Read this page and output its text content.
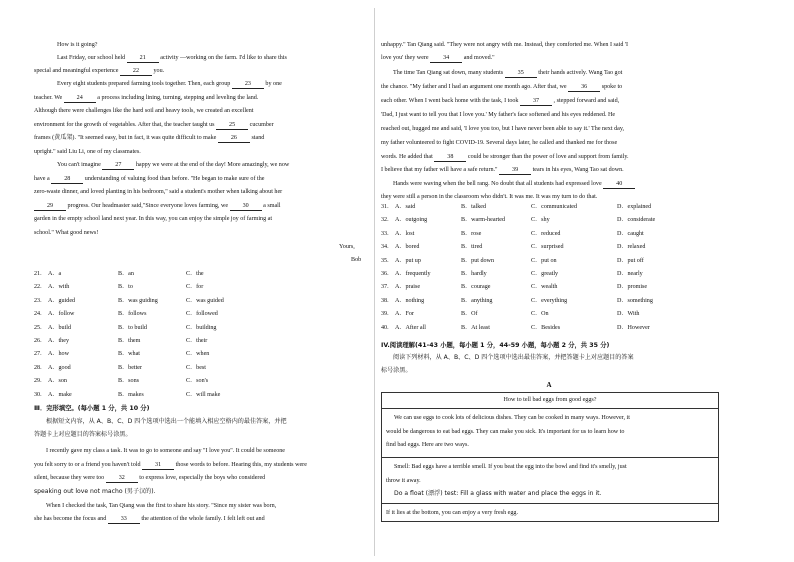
How is it going?
Last Friday, our school held 21 activity —working on the farm. I'd like to share this
special and meaningful experience 22 you.
Every eight students prepared farming tools together. Then, each group 23 by one
teacher. We 24 a process including lining, turning, stepping and leveling the land.
Although there were challenges like the hard soil and heavy tools, we created an excellent
environment for the growth of vegetables. After that, the teacher taught us 25 cucumber
frames (黄瓜架). "It seemed easy, but in fact, it was quite difficult to make 26 stand
upright." said Liu Li, one of my classmates.
You can't imagine 27 happy we were at the end of the day! More amazingly, we now
have a 28 understanding of valuing food than before. "He began to make sure of the
zero-waste dinner, and loved planting in his bedroom," said a student's mother when talking about her
29 progress. Our headmaster said,"Since everyone loves farming, we 30 a small
garden in the empty school land next year. In this way, you can enjoy the simple joy of farming at
school." What good news!
Yours,
Bob
21. A．a	B．an	C．the
22. A．with	B．to	C．for
23. A．guided	B．was guiding	C．was guided
24. A．follow	B．follows	C．followed
25. A．build	B．to build	C．building
26. A．they	B．them	C．their
27. A．how	B．what	C．when
28. A．good	B．better	C．best
29. A．son	B．sons	C．son's
30. A．make	B．makes	C．will make
Ⅲ．完形填空。(每小题 1 分，共 10 分)
根据短文内容，从 A、B、C、D 四个选项中选出一个能填入相应空格内的最佳答案，并把
答题卡上对应题目的答案标号涂黑。
I recently gave my class a task. It was to go to someone and say "I love you". It could be someone
you felt sorry to or a friend you haven't told 31 those words to before. Hearing this, my students were
silent, because they were too 32 to express love, especially the boys who considered
speaking out love not macho (男子汉的).
When I checked the task, Tan Qiang was the first to share his story. "Since my sister was born,
she has become the focus and 33 the attention of the whole family. I felt left out and
unhappy." Tan Qiang said. "They were not angry with me. Instead, they comforted me. When I said 'I
love you' they were 34 and moved."
The time Tan Qiang sat down, many students 35 their hands actively. Wang Tao got
the chance. "My father and I had an argument one month ago. After that, we 36 spoke to
each other. When I went back home with the task, I took 37 , stepped forward and said,
'Dad, I just want to tell you that I love you.' My father's face softened and his eyes reddened. He
reached out, hugged me and said, 'I love you too, but I have never been able to say it.' The next day,
my father volunteered to fight COVID-19. Several days later, he called and thanked me for those
words. He added that 38 could be stronger than the power of love and support from family.
I believe that my father will have a safe return." 39 tears in his eyes, Wang Tao sat down.
Hands were waving when the bell rang. No doubt that all students had expressed love 40
they were still a person in the classroom who didn't. It was me. It was my turn to do that.
31. A．said	B．talked	C．communicated	D．explained
32. A．outgoing	B．warm-hearted	C．shy	D．considerate
33. A．lost	B．rose	C．reduced	D．caught
34. A．bored	B．tired	C．surprised	D．relaxed
35. A．put up	B．put down	C．put on	D．put off
36. A．frequently	B．hardly	C．greatly	D．nearly
37. A．praise	B．courage	C．wealth	D．promise
38. A．nothing	B．anything	C．everything	D．something
39. A．For	B．Of	C．On	D．With
40. A．After all	B．At least	C．Besides	D．However
IV.阅读理解(41-43 小题，每小题 1 分，44-59 小题，每小题 2 分，共 35 分)
阅读下列材料，从 A、B、C、D 四个选项中选出最佳答案，并把答题卡上对应题目的答案
标号涂黑。
A
How to tell bad eggs from good eggs?
We can use eggs to cook lots of delicious dishes. They can be cooked in many ways. However, it
would be dangerous to eat bad eggs. They can make you sick. It's important for us to learn how to
find bad eggs. Here are two ways.
Smell: Bad eggs have a terrible smell. If you beat the egg into the bowl and find it's smelly, just
throw it away.
Do a float (漂浮) test: Fill a glass with water and place the eggs in it.
If it lies at the bottom, you can enjoy a very fresh egg.
